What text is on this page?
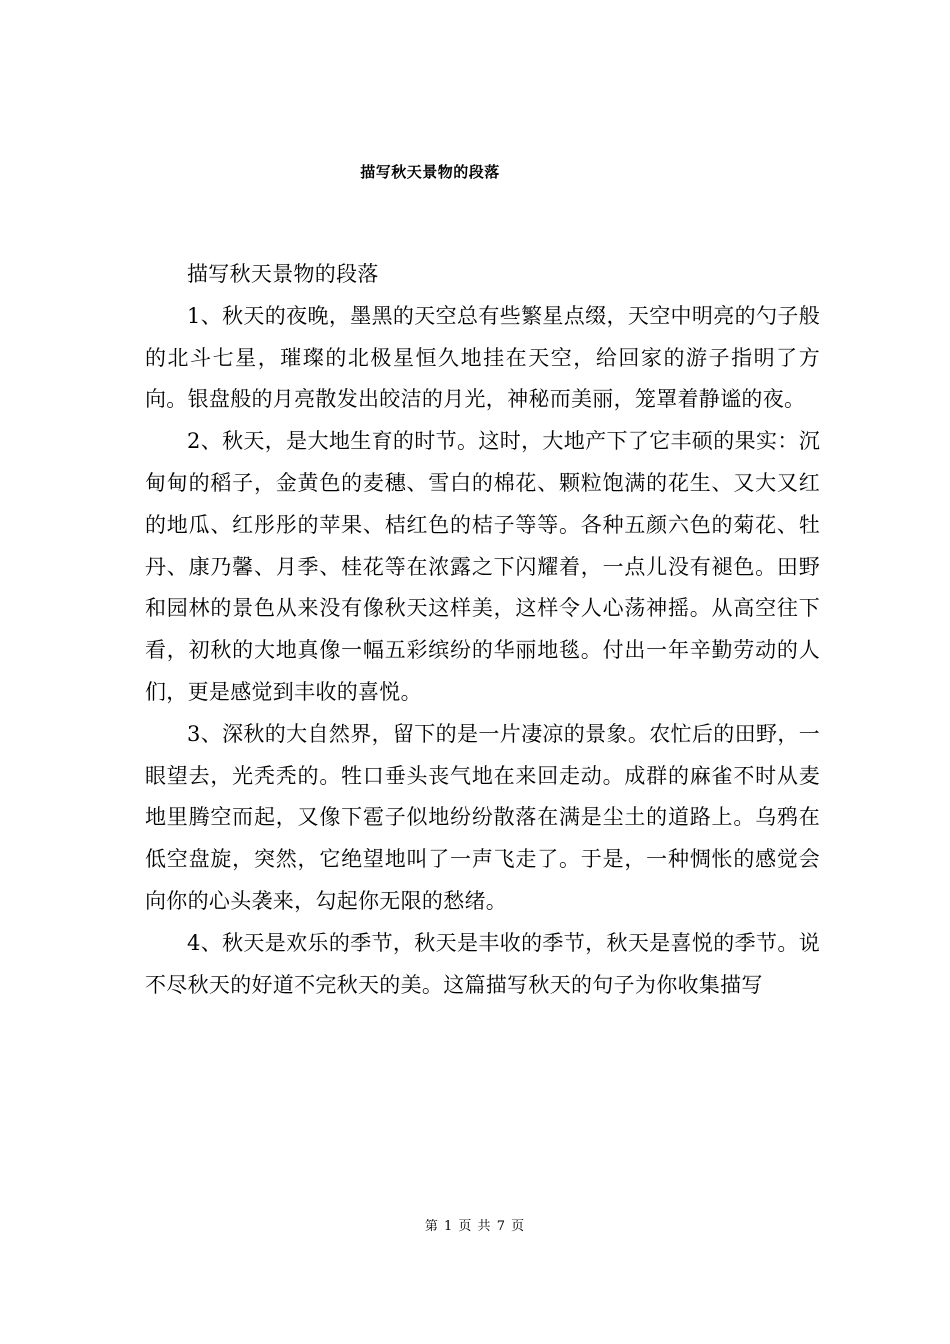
描写秋天景物的段落

描写秋天景物的段落

1、秋天的夜晚，墨黑的天空总有些繁星点缀，天空中明亮的勺子般的北斗七星，璀璨的北极星恒久地挂在天空，给回家的游子指明了方向。银盘般的月亮散发出皎洁的月光，神秘而美丽，笼罩着静谧的夜。

2、秋天，是大地生育的时节。这时，大地产下了它丰硕的果实：沉甸甸的稻子，金黄色的麦穗、雪白的棉花、颗粒饱满的花生、又大又红的地瓜、红彤彤的苹果、桔红色的桔子等等。各种五颜六色的菊花、牡丹、康乃馨、月季、桂花等在浓露之下闪耀着，一点儿没有褪色。田野和园林的景色从来没有像秋天这样美，这样令人心荡神摇。从高空往下看，初秋的大地真像一幅五彩缤纷的华丽地毯。付出一年辛勤劳动的人们，更是感觉到丰收的喜悦。

3、深秋的大自然界，留下的是一片凄凉的景象。农忙后的田野，一眼望去，光秃秃的。牲口垂头丧气地在来回走动。成群的麻雀不时从麦地里腾空而起，又像下雹子似地纷纷散落在满是尘土的道路上。乌鸦在低空盘旋，突然，它绝望地叫了一声飞走了。于是，一种惆怅的感觉会向你的心头袭来，勾起你无限的愁绪。

4、秋天是欢乐的季节，秋天是丰收的季节，秋天是喜悦的季节。说不尽秋天的好道不完秋天的美。这篇描写秋天的句子为你收集描写

第 1 页 共 7 页
